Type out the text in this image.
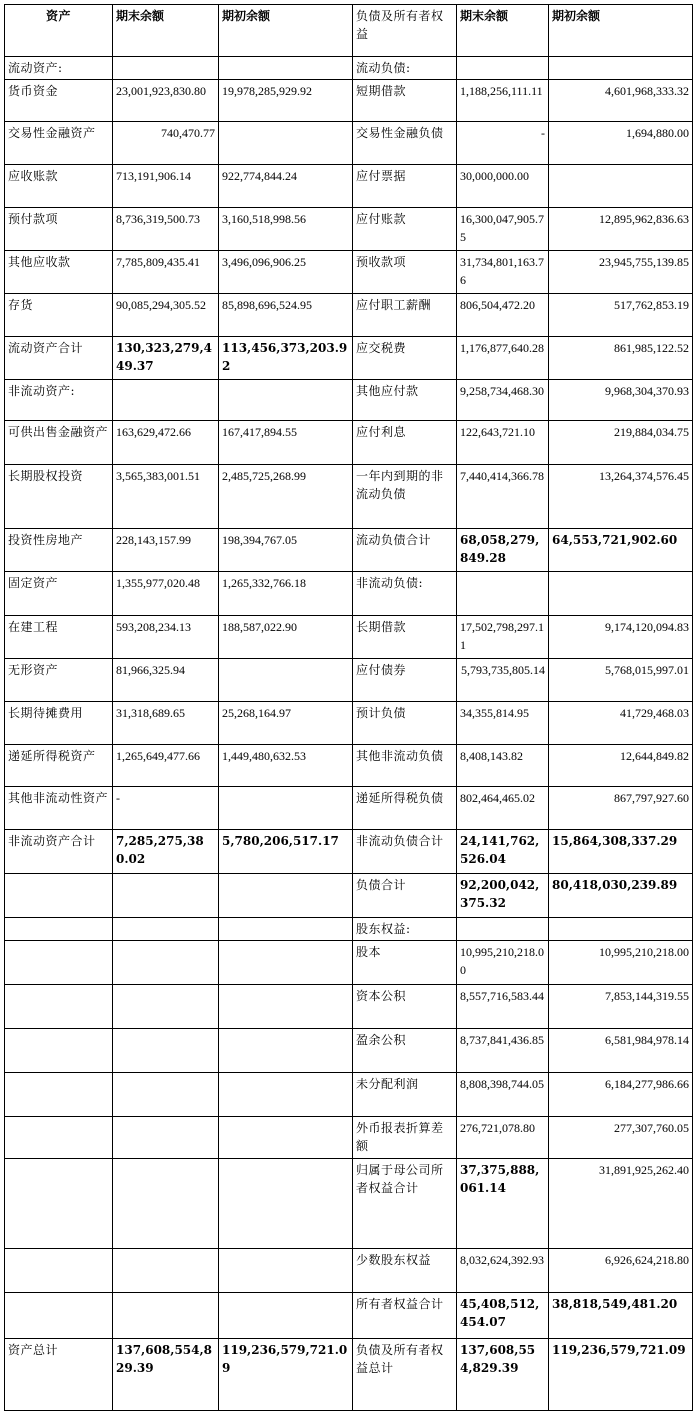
资产	期末余额	期初余额	负债及所有者权益	期末余额	期初余额
流动资产:			流动负债:		
货币资金	23,001,923,830.80	19,978,285,929.92	短期借款	1,188,256,111.11	4,601,968,333.32
交易性金融资产	740,470.77		交易性金融负债	-	1,694,880.00
应收账款	713,191,906.14	922,774,844.24	应付票据	30,000,000.00	
预付款项	8,736,319,500.73	3,160,518,998.56	应付账款	16,300,047,905.75	12,895,962,836.63
其他应收款	7,785,809,435.41	3,496,096,906.25	预收款项	31,734,801,163.76	23,945,755,139.85
存货	90,085,294,305.52	85,898,696,524.95	应付职工薪酬	806,504,472.20	517,762,853.19
流动资产合计	130,323,279,449.37	113,456,373,203.92	应交税费	1,176,877,640.28	861,985,122.52
非流动资产:			其他应付款	9,258,734,468.30	9,968,304,370.93
可供出售金融资产	163,629,472.66	167,417,894.55	应付利息	122,643,721.10	219,884,034.75
长期股权投资	3,565,383,001.51	2,485,725,268.99	一年内到期的非流动负债	7,440,414,366.78	13,264,374,576.45
投资性房地产	228,143,157.99	198,394,767.05	流动负债合计	68,058,279,849.28	64,553,721,902.60
固定资产	1,355,977,020.48	1,265,332,766.18	非流动负债:		
在建工程	593,208,234.13	188,587,022.90	长期借款	17,502,798,297.11	9,174,120,094.83
无形资产	81,966,325.94		应付债券	5,793,735,805.14	5,768,015,997.01
长期待摊费用	31,318,689.65	25,268,164.97	预计负债	34,355,814.95	41,729,468.03
递延所得税资产	1,265,649,477.66	1,449,480,632.53	其他非流动负债	8,408,143.82	12,644,849.82
其他非流动性资产	-		递延所得税负债	802,464,465.02	867,797,927.60
非流动资产合计	7,285,275,380.02	5,780,206,517.17	非流动负债合计	24,141,762,526.04	15,864,308,337.29
			负债合计	92,200,042,375.32	80,418,030,239.89
			股东权益:		
			股本	10,995,210,218.00	10,995,210,218.00
			资本公积	8,557,716,583.44	7,853,144,319.55
			盈余公积	8,737,841,436.85	6,581,984,978.14
			未分配利润	8,808,398,744.05	6,184,277,986.66
			外币报表折算差额	276,721,078.80	277,307,760.05
			归属于母公司所者权益合计	37,375,888,061.14	31,891,925,262.40
			少数股东权益	8,032,624,392.93	6,926,624,218.80
			所有者权益合计	45,408,512,454.07	38,818,549,481.20
资产总计	137,608,554,829.39	119,236,579,721.09	负债及所有者权益总计	137,608,554,829.39	119,236,579,721.09
